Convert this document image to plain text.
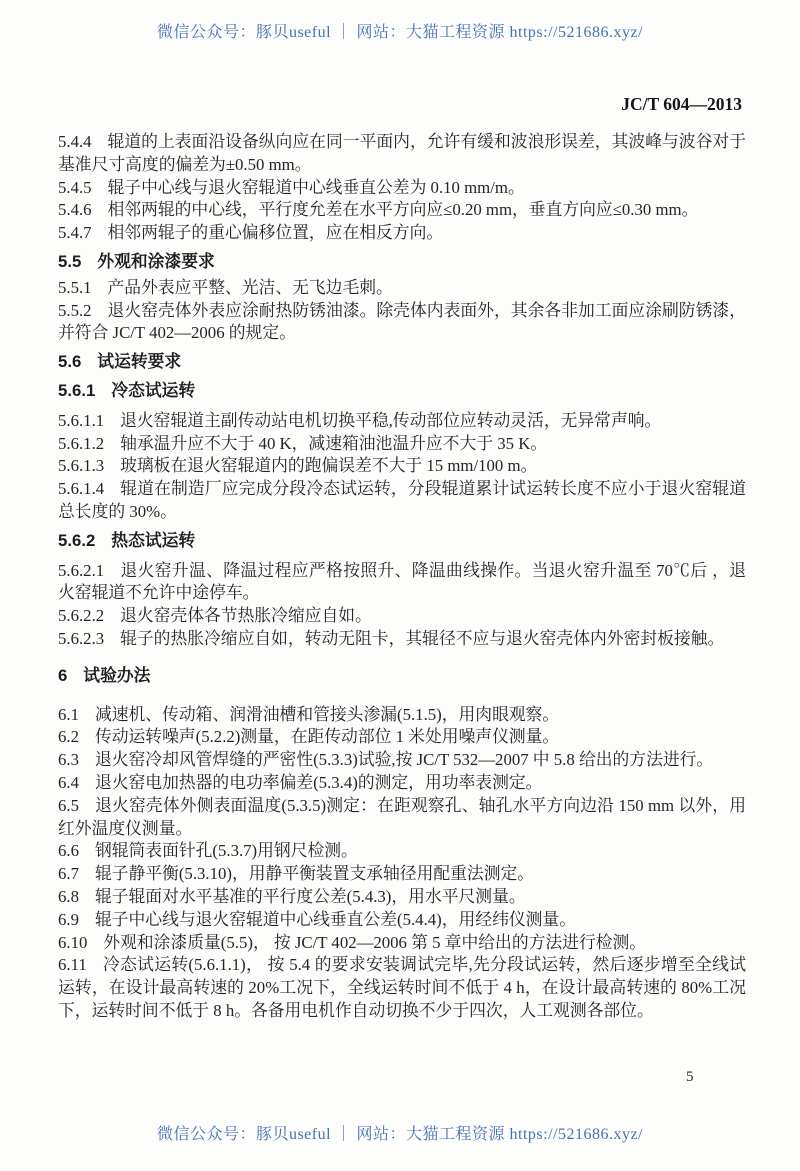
微信公众号：豚贝useful ｜ 网站：大猫工程资源 https://521686.xyz/
JC/T 604—2013

5.4.4 辊道的上表面沿设备纵向应在同一平面内，允许有缓和波浪形误差，其波峰与波谷对于基准尺寸高度的偏差为±0.50 mm。

5.4.5 辊子中心线与退火窑辊道中心线垂直公差为 0.10 mm/m。

5.4.6 相邻两辊的中心线，平行度允差在水平方向应≤0.20 mm，垂直方向应≤0.30 mm。

5.4.7 相邻两辊子的重心偏移位置，应在相反方向。

5.5 外观和涂漆要求

5.5.1 产品外表应平整、光洁、无飞边毛刺。

5.5.2 退火窑壳体外表应涂耐热防锈油漆。除壳体内表面外，其余各非加工面应涂刷防锈漆，并符合 JC/T 402—2006 的规定。

5.6 试运转要求

5.6.1 冷态试运转

5.6.1.1 退火窑辊道主副传动站电机切换平稳,传动部位应转动灵活，无异常声响。

5.6.1.2 轴承温升应不大于 40 K，减速箱油池温升应不大于 35 K。

5.6.1.3 玻璃板在退火窑辊道内的跑偏误差不大于 15 mm/100 m。

5.6.1.4 辊道在制造厂应完成分段冷态试运转，分段辊道累计试运转长度不应小于退火窑辊道总长度的 30%。

5.6.2 热态试运转

5.6.2.1 退火窑升温、降温过程应严格按照升、降温曲线操作。当退火窑升温至 70℃后 ，退火窑辊道不允许中途停车。

5.6.2.2 退火窑壳体各节热胀冷缩应自如。

5.6.2.3 辊子的热胀冷缩应自如，转动无阻卡，其辊径不应与退火窑壳体内外密封板接触。

6 试验办法

6.1 减速机、传动箱、润滑油槽和管接头渗漏(5.1.5)，用肉眼观察。

6.2 传动运转噪声(5.2.2)测量，在距传动部位 1 米处用噪声仪测量。

6.3 退火窑冷却风管焊缝的严密性(5.3.3)试验,按 JC/T 532—2007 中 5.8 给出的方法进行。

6.4 退火窑电加热器的电功率偏差(5.3.4)的测定，用功率表测定。

6.5 退火窑壳体外侧表面温度(5.3.5)测定：在距观察孔、轴孔水平方向边沿 150 mm 以外，用红外温度仪测量。

6.6 钢辊筒表面针孔(5.3.7)用钢尺检测。

6.7 辊子静平衡(5.3.10)，用静平衡装置支承轴径用配重法测定。

6.8 辊子辊面对水平基准的平行度公差(5.4.3)，用水平尺测量。

6.9 辊子中心线与退火窑辊道中心线垂直公差(5.4.4)，用经纬仪测量。

6.10 外观和涂漆质量(5.5)， 按 JC/T 402—2006 第 5 章中给出的方法进行检测。

6.11 冷态试运转(5.6.1.1)， 按 5.4 的要求安装调试完毕,先分段试运转，然后逐步增至全线试运转，在设计最高转速的 20%工况下，全线运转时间不低于 4 h，在设计最高转速的 80%工况下，运转时间不低于 8 h。各备用电机作自动切换不少于四次，人工观测各部位。

5
微信公众号：豚贝useful ｜ 网站：大猫工程资源 https://521686.xyz/
